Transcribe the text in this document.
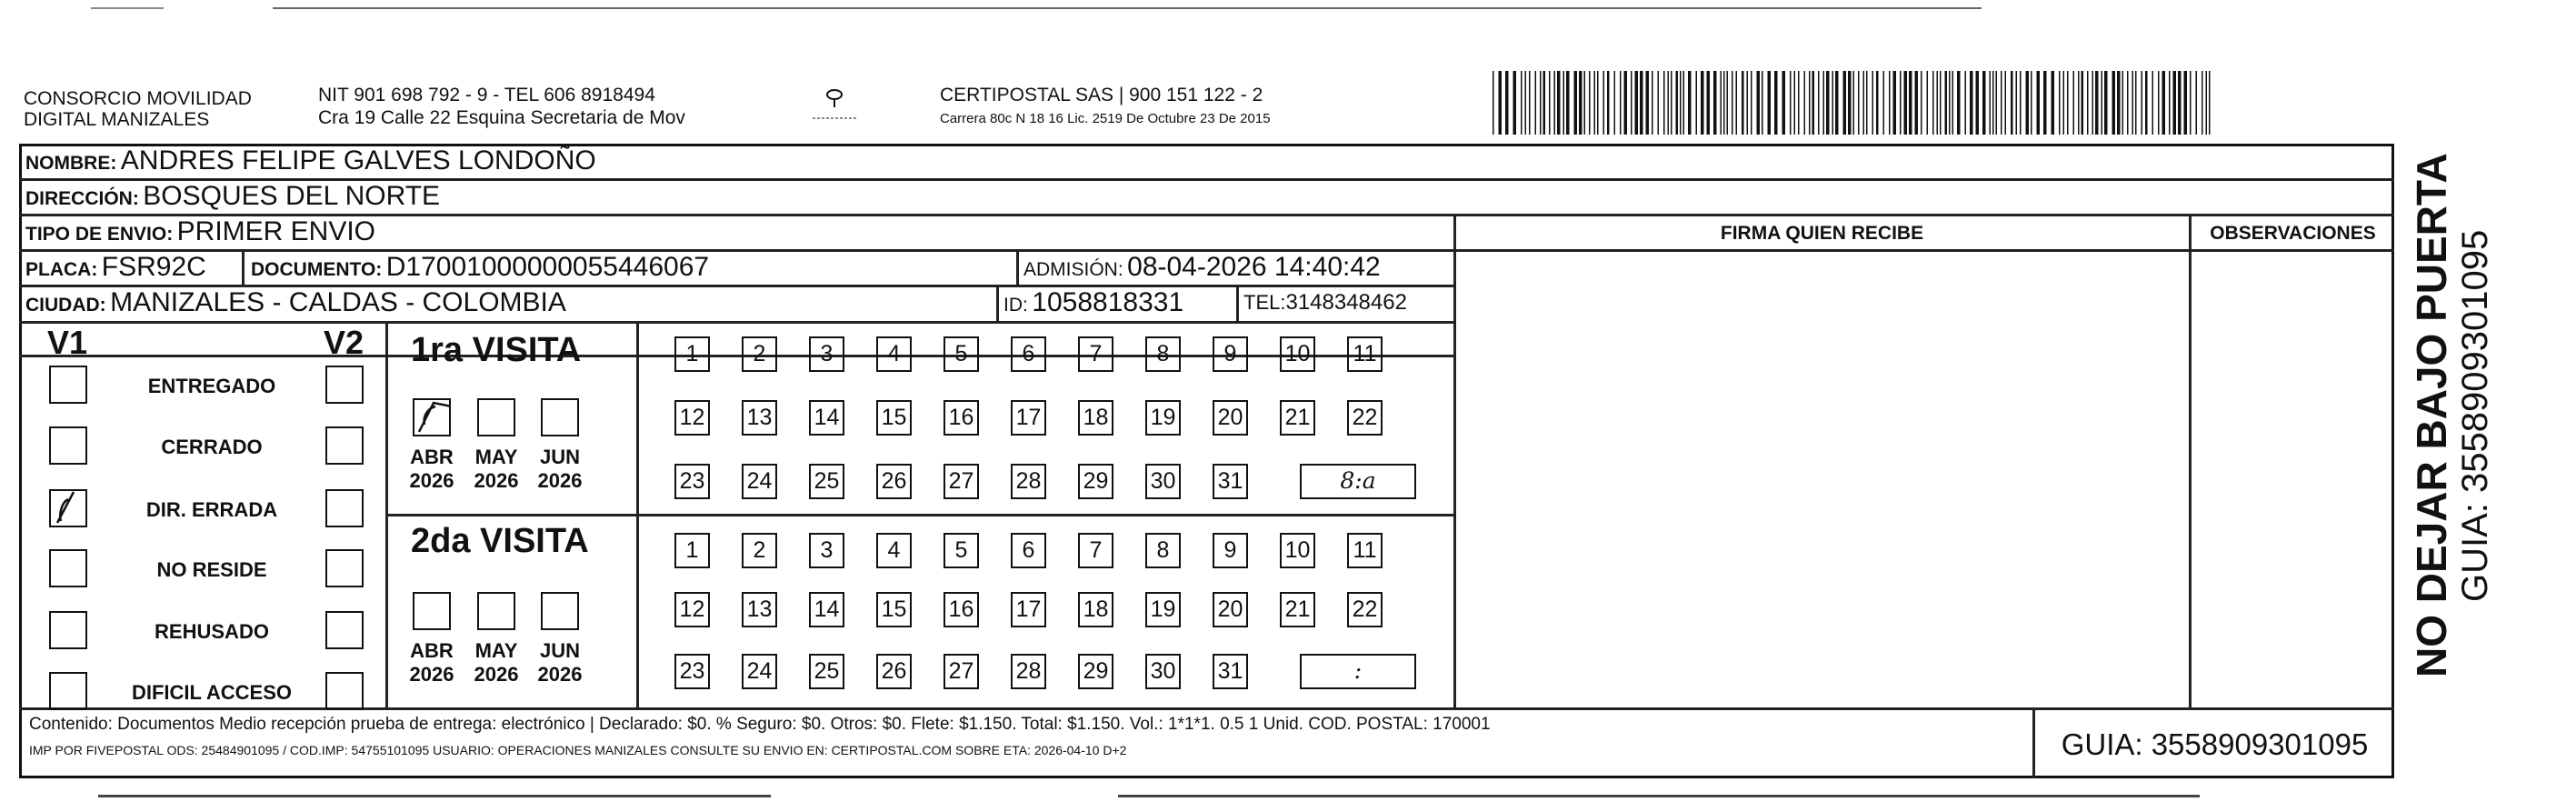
CONSORCIO MOVILIDAD
DIGITAL MANIZALES
NIT 901 698 792 - 9 - TEL 606 8918494
Cra 19 Calle 22 Esquina Secretaria de Mov
CERTIPOSTAL SAS | 900 151 122 - 2
Carrera 80c N 18 16 Lic. 2519 De Octubre 23 De 2015
FIRMA QUIEN RECIBE	OBSERVACIONES
NOMBRE: ANDRES FELIPE GALVES LONDOÑO
DIRECCIÓN: BOSQUES DEL NORTE
TIPO DE ENVIO: PRIMER ENVIO
PLACA: FSR92C DOCUMENTO: D17001000000055446067	ADMISIÓN: 08-04-2026 14:40:42
CIUDAD: MANIZALES - CALDAS - COLOMBIA	ID: 1058818331	TEL:3148348462
V1	V2
ENTREGADO
CERRADO
DIR. ERRADA
NO RESIDE
REHUSADO
DIFICIL ACCESO
1ra VISITA
ABR
2026
MAY
2026
JUN
2026
1	2	3	4	5	6	7	8	9	10 11
12 13 14 15 16 17 18 19 20 21 22
23 24 25 26 27 28 29 30 31	8:a
2da VISITA
ABR
2026
MAY
2026
JUN
2026
1	2	3	4	5	6	7	8	9	10 11
12 13 14 15 16 17 18 19 20 21 22
23 24 25 26 27 28 29 30 31	:
Contenido: Documentos Medio recepción prueba de entrega: electrónico | Declarado: $0. % Seguro: $0. Otros: $0. Flete: $1.150. Total: $1.150. Vol.: 1*1*1. 0.5 1 Unid. COD. POSTAL: 170001
IMP POR FIVEPOSTAL ODS: 25484901095 / COD.IMP: 54755101095 USUARIO: OPERACIONES MANIZALES CONSULTE SU ENVIO EN: CERTIPOSTAL.COM SOBRE ETA: 2026-04-10 D+2	GUIA: 3558909301095
NO DEJAR BAJO PUERTA GUIA: 3558909301095
